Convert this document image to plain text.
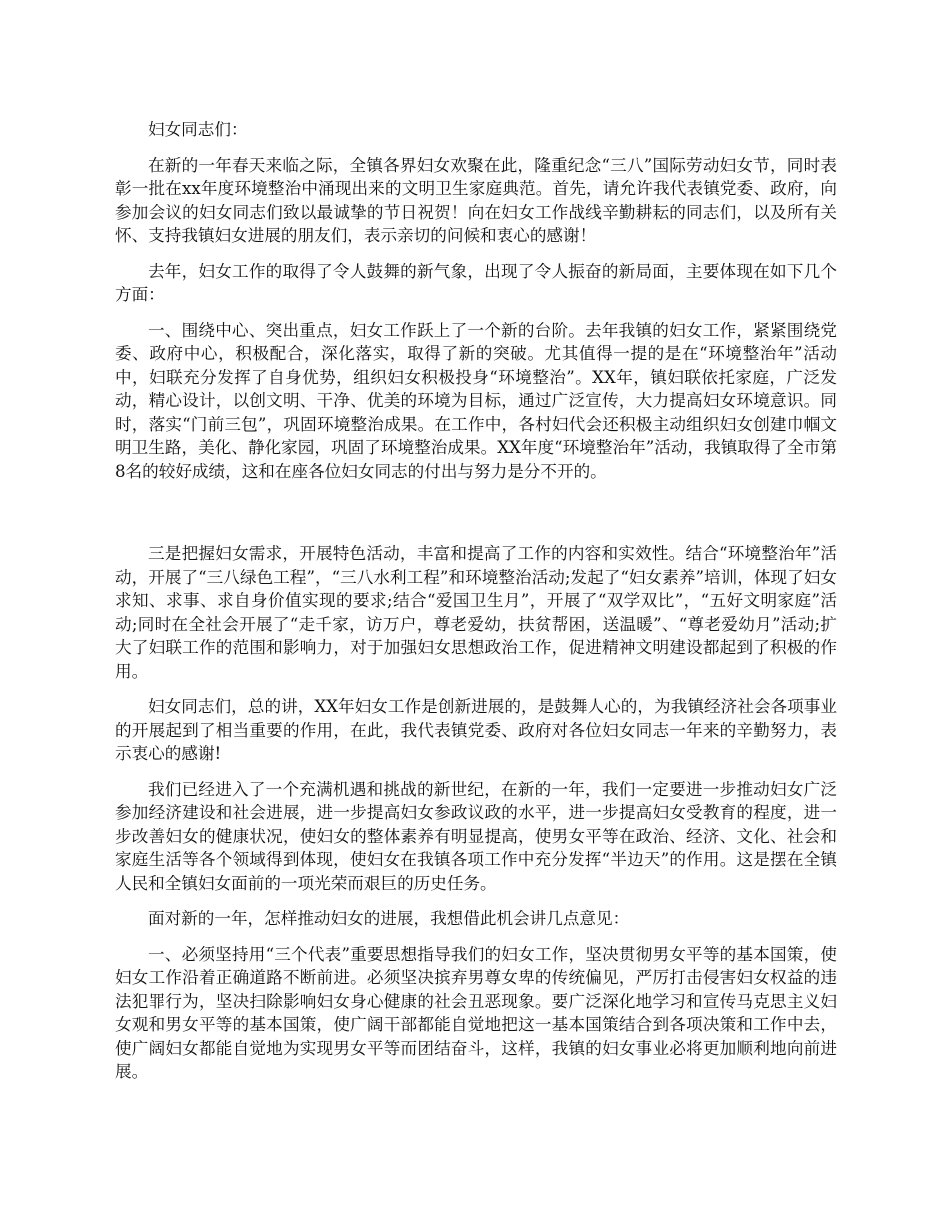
妇女同志们：

在新的一年春天来临之际，全镇各界妇女欢聚在此，隆重纪念“三八”国际劳动妇女节，同时表彰一批在xx年度环境整治中涌现出来的文明卫生家庭典范。首先，请允许我代表镇党委、政府，向参加会议的妇女同志们致以最诚挚的节日祝贺！向在妇女工作战线辛勤耕耘的同志们，以及所有关怀、支持我镇妇女进展的朋友们，表示亲切的问候和衷心的感谢！

去年，妇女工作的取得了令人鼓舞的新气象，出现了令人振奋的新局面，主要体现在如下几个方面：

一、围绕中心、突出重点，妇女工作跃上了一个新的台阶。去年我镇的妇女工作，紧紧围绕党委、政府中心，积极配合，深化落实，取得了新的突破。尤其值得一提的是在“环境整治年”活动中，妇联充分发挥了自身优势，组织妇女积极投身“环境整治”。XX年，镇妇联依托家庭，广泛发动，精心设计，以创文明、干净、优美的环境为目标，通过广泛宣传，大力提高妇女环境意识。同时，落实“门前三包”，巩固环境整治成果。在工作中，各村妇代会还积极主动组织妇女创建巾帼文明卫生路，美化、静化家园，巩固了环境整治成果。XX年度“环境整治年”活动，我镇取得了全市第8名的较好成绩，这和在座各位妇女同志的付出与努力是分不开的。

三是把握妇女需求，开展特色活动，丰富和提高了工作的内容和实效性。结合“环境整治年”活动，开展了“三八绿色工程”，“三八水利工程”和环境整治活动;发起了“妇女素养”培训，体现了妇女求知、求事、求自身价值实现的要求;结合“爱国卫生月”，开展了“双学双比”，“五好文明家庭”活动;同时在全社会开展了“走千家，访万户，尊老爱幼，扶贫帮困，送温暖”、“尊老爱幼月”活动;扩大了妇联工作的范围和影响力，对于加强妇女思想政治工作，促进精神文明建设都起到了积极的作用。

妇女同志们，总的讲，XX年妇女工作是创新进展的，是鼓舞人心的，为我镇经济社会各项事业的开展起到了相当重要的作用，在此，我代表镇党委、政府对各位妇女同志一年来的辛勤努力，表示衷心的感谢!

我们已经进入了一个充满机遇和挑战的新世纪，在新的一年，我们一定要进一步推动妇女广泛参加经济建设和社会进展，进一步提高妇女参政议政的水平，进一步提高妇女受教育的程度，进一步改善妇女的健康状况，使妇女的整体素养有明显提高，使男女平等在政治、经济、文化、社会和家庭生活等各个领域得到体现，使妇女在我镇各项工作中充分发挥“半边天”的作用。这是摆在全镇人民和全镇妇女面前的一项光荣而艰巨的历史任务。

面对新的一年，怎样推动妇女的进展，我想借此机会讲几点意见：

一、必须坚持用“三个代表”重要思想指导我们的妇女工作，坚决贯彻男女平等的基本国策，使妇女工作沿着正确道路不断前进。必须坚决摈弃男尊女卑的传统偏见，严厉打击侵害妇女权益的违法犯罪行为，坚决扫除影响妇女身心健康的社会丑恶现象。要广泛深化地学习和宣传马克思主义妇女观和男女平等的基本国策，使广阔干部都能自觉地把这一基本国策结合到各项决策和工作中去，使广阔妇女都能自觉地为实现男女平等而团结奋斗，这样，我镇的妇女事业必将更加顺利地向前进展。
